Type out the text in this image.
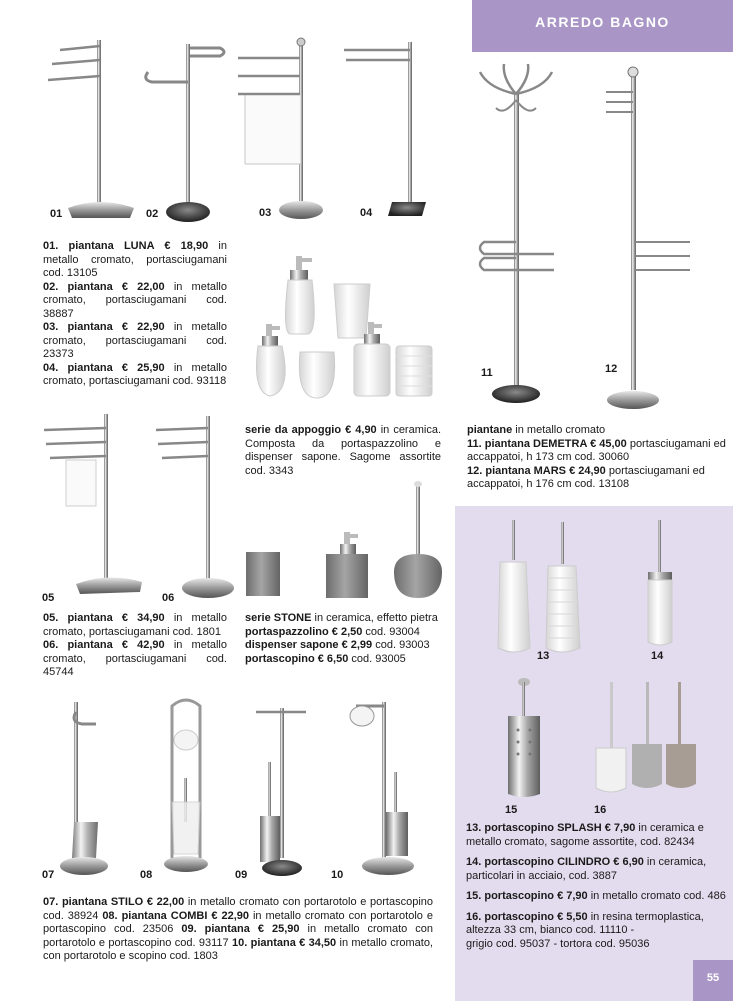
ARREDO BAGNO
55
01	02	03	04

01. piantana LUNA € 18,90 in metallo cromato, portasciugamani cod. 13105

02. piantana € 22,00 in metallo cromato, portasciugamani cod. 38887

03. piantana € 22,90 in metallo cromato, portasciugamani cod. 23373

04. piantana € 25,90 in metallo cromato, portasciugamani cod. 93118

serie da appoggio € 4,90 in ceramica. Composta da portaspazzolino e dispenser sapone. Sagome assortite cod. 3343

11	12

piantane in metallo cromato

11. piantana DEMETRA € 45,00 portasciugamani ed accappatoi, h 173 cm cod. 30060

12. piantana MARS € 24,90 portasciugamani ed accappatoi, h 176 cm cod. 13108

05	06

05. piantana € 34,90 in metallo cromato, portasciugamani cod. 1801

06. piantana € 42,90 in metallo cromato, portasciugamani cod. 45744

serie STONE in ceramica, effetto pietra

portaspazzolino € 2,50 cod. 93004

dispenser sapone € 2,99 cod. 93003

portascopino € 6,50 cod. 93005

07	08	09	10

07. piantana STILO € 22,00 in metallo cromato con portarotolo e portascopino cod. 38924 08. piantana COMBI € 22,90 in metallo cromato con portarotolo e portascopino cod. 23506 09. piantana € 25,90 in metallo cromato con portarotolo e portascopino cod. 93117 10. piantana € 34,50 in metallo cromato, con portarotolo e scopino cod. 1803

13	14
15	16

13. portascopino SPLASH € 7,90 in ceramica e metallo cromato, sagome assortite, cod. 82434

14. portascopino CILINDRO € 6,90 in ceramica, particolari in acciaio, cod. 3887

15. portascopino € 7,90 in metallo cromato cod. 486

16. portascopino € 5,50 in resina termoplastica, altezza 33 cm, bianco cod. 11110 -
grigio cod. 95037 - tortora cod. 95036
